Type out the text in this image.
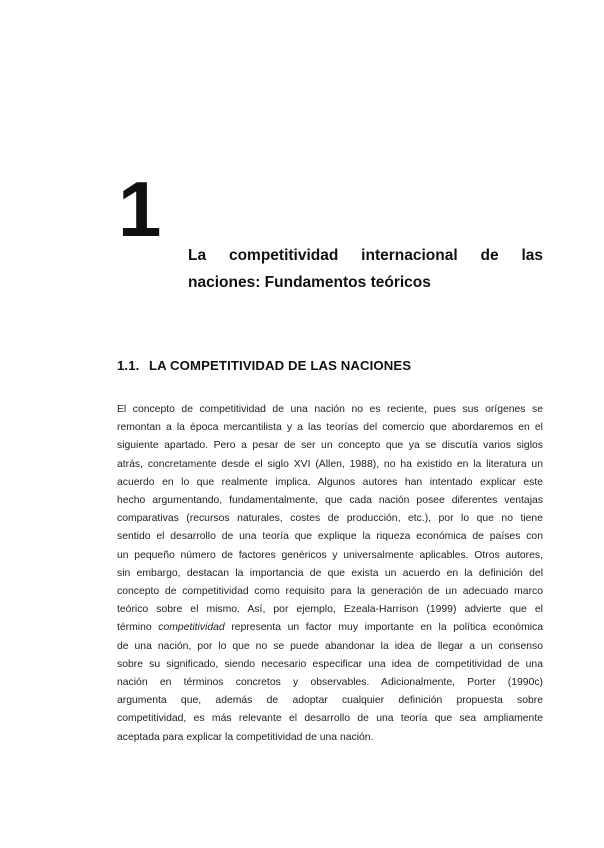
1
La competitividad internacional de las
naciones: Fundamentos teóricos
1.1. LA COMPETITIVIDAD DE LAS NACIONES
El concepto de competitividad de una nación no es reciente, pues sus orígenes se
remontan a la época mercantilista y a las teorías del comercio que abordaremos en el
siguiente apartado. Pero a pesar de ser un concepto que ya se discutía varios siglos
atrás, concretamente desde el siglo XVI (Allen, 1988), no ha existido en la literatura un
acuerdo en lo que realmente implica. Algunos autores han intentado explicar este
hecho argumentando, fundamentalmente, que cada nación posee diferentes ventajas
comparativas (recursos naturales, costes de producción, etc.), por lo que no tiene
sentido el desarrollo de una teoría que explique la riqueza económica de países con
un pequeño número de factores genéricos y universalmente aplicables. Otros autores,
sin embargo, destacan la importancia de que exista un acuerdo en la definición del
concepto de competitividad como requisito para la generación de un adecuado marco
teórico sobre el mismo. Así, por ejemplo, Ezeala-Harrison (1999) advierte que el
término competitividad representa un factor muy importante en la política económica
de una nación, por lo que no se puede abandonar la idea de llegar a un consenso
sobre su significado, siendo necesario especificar una idea de competitividad de una
nación en términos concretos y observables. Adicionalmente, Porter (1990c)
argumenta que, además de adoptar cualquier definición propuesta sobre
competitividad, es más relevante el desarrollo de una teoría que sea ampliamente
aceptada para explicar la competitividad de una nación.
